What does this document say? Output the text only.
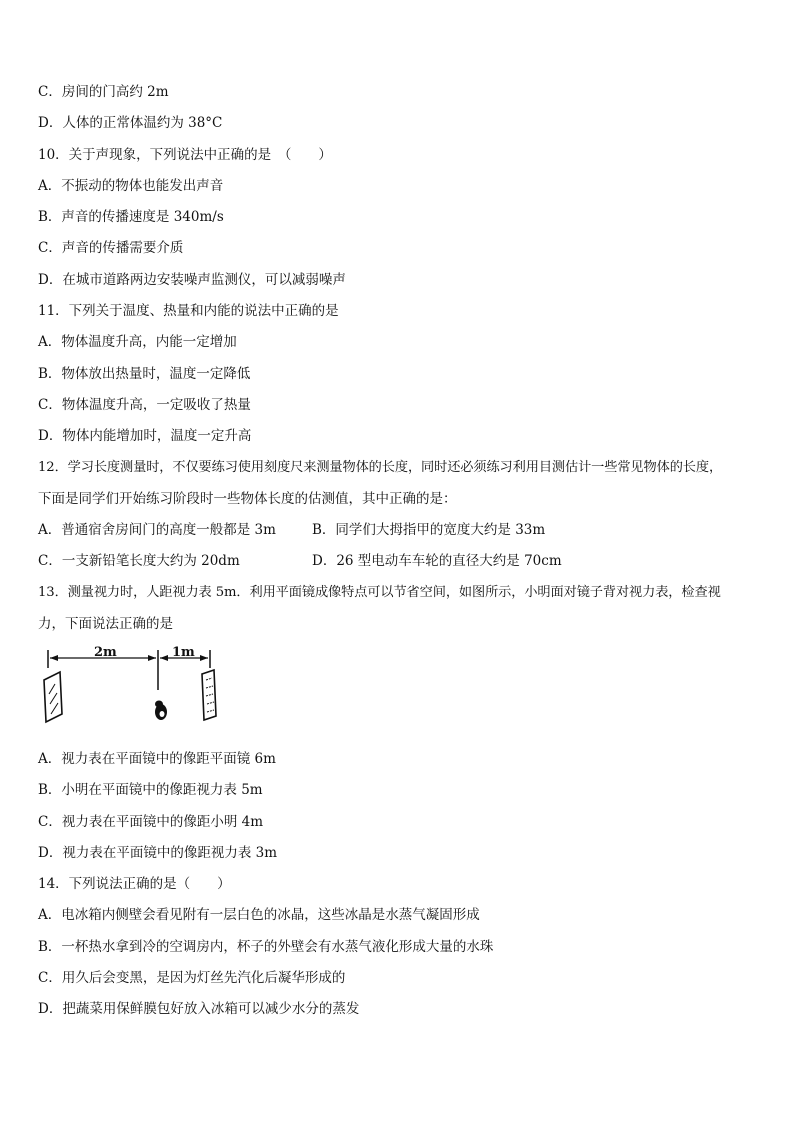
C．房间的门高约 2m
D．人体的正常体温约为 38°C
10．关于声现象，下列说法中正确的是　（　　）
A．不振动的物体也能发出声音
B．声音的传播速度是 340m/s
C．声音的传播需要介质
D．在城市道路两边安装噪声监测仪，可以减弱噪声
11．下列关于温度、热量和内能的说法中正确的是
A．物体温度升高，内能一定增加
B．物体放出热量时，温度一定降低
C．物体温度升高，一定吸收了热量
D．物体内能增加时，温度一定升高
12．学习长度测量时，不仅要练习使用刻度尺来测量物体的长度，同时还必须练习利用目测估计一些常见物体的长度，
下面是同学们开始练习阶段时一些物体长度的估测值，其中正确的是：
A．普通宿舍房间门的高度一般都是 3m	B．同学们大拇指甲的宽度大约是 33m
C．一支新铅笔长度大约为 20dm	D．26 型电动车车轮的直径大约是 70cm
13．测量视力时，人距视力表 5m．利用平面镜成像特点可以节省空间，如图所示，小明面对镜子背对视力表，检查视
力，下面说法正确的是
2m	1m
A．视力表在平面镜中的像距平面镜 6m
B．小明在平面镜中的像距视力表 5m
C．视力表在平面镜中的像距小明 4m
D．视力表在平面镜中的像距视力表 3m
14．下列说法正确的是（　　）
A．电冰箱内侧壁会看见附有一层白色的冰晶，这些冰晶是水蒸气凝固形成
B．一杯热水拿到冷的空调房内，杯子的外壁会有水蒸气液化形成大量的水珠
C．用久后会变黑，是因为灯丝先汽化后凝华形成的
D．把蔬菜用保鲜膜包好放入冰箱可以减少水分的蒸发
